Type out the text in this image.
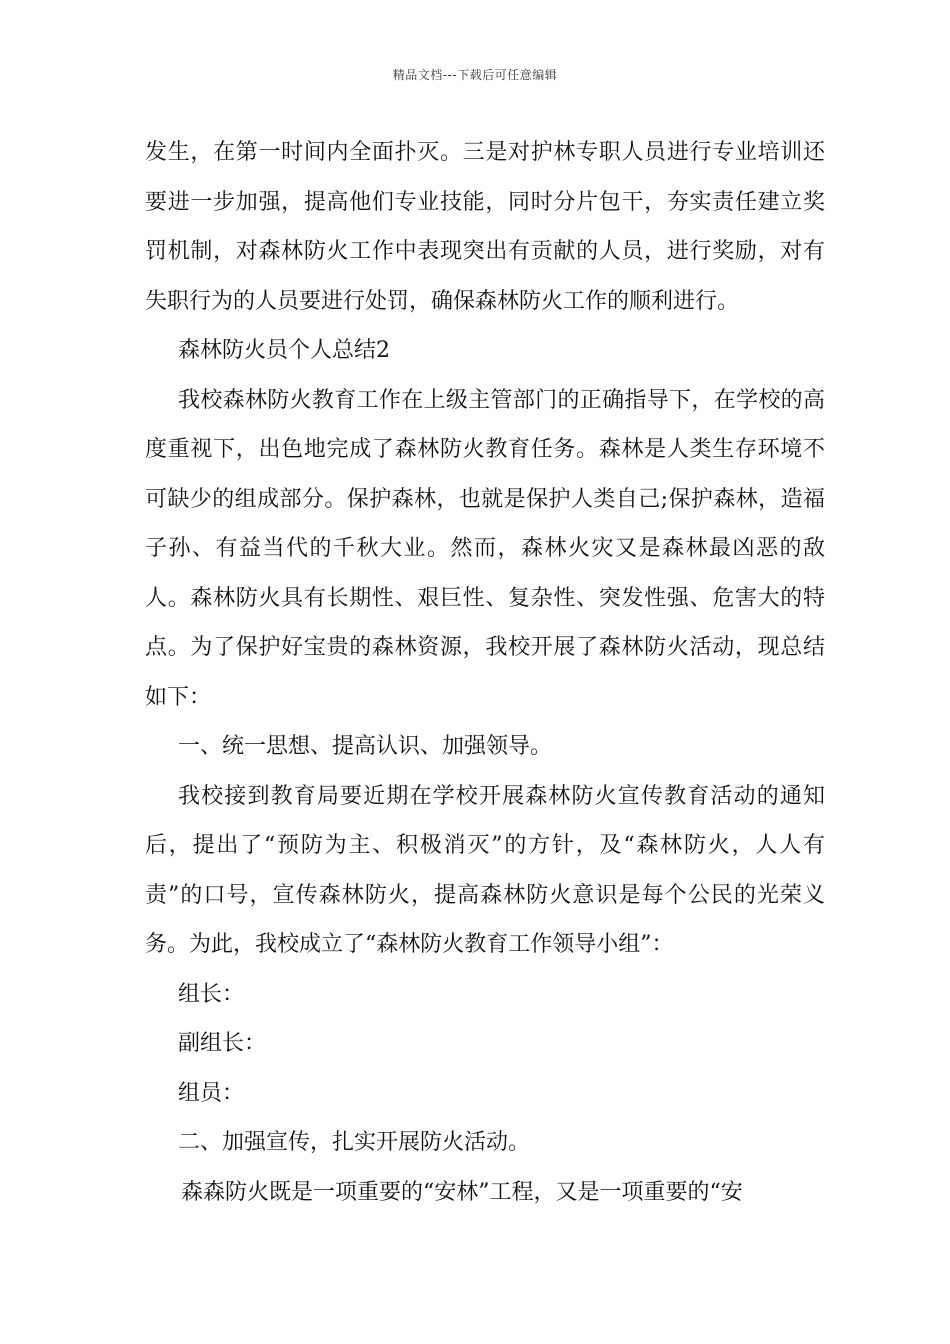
精品文档---下载后可任意编辑

发生，在第一时间内全面扑灭。三是对护林专职人员进行专业培训还要进一步加强，提高他们专业技能，同时分片包干，夯实责任建立奖罚机制，对森林防火工作中表现突出有贡献的人员，进行奖励，对有失职行为的人员要进行处罚，确保森林防火工作的顺利进行。

森林防火员个人总结2

我校森林防火教育工作在上级主管部门的正确指导下，在学校的高度重视下，出色地完成了森林防火教育任务。森林是人类生存环境不可缺少的组成部分。保护森林，也就是保护人类自己;保护森林，造福子孙、有益当代的千秋大业。然而，森林火灾又是森林最凶恶的敌人。森林防火具有长期性、艰巨性、复杂性、突发性强、危害大的特点。为了保护好宝贵的森林资源，我校开展了森林防火活动，现总结如下：

一、统一思想、提高认识、加强领导。

我校接到教育局要近期在学校开展森林防火宣传教育活动的通知后，提出了“预防为主、积极消灭”的方针，及“森林防火，人人有责”的口号，宣传森林防火，提高森林防火意识是每个公民的光荣义务。为此，我校成立了“森林防火教育工作领导小组”：

组长：

副组长：

组员：

二、加强宣传，扎实开展防火活动。

森森防火既是一项重要的“安林”工程，又是一项重要的“安
